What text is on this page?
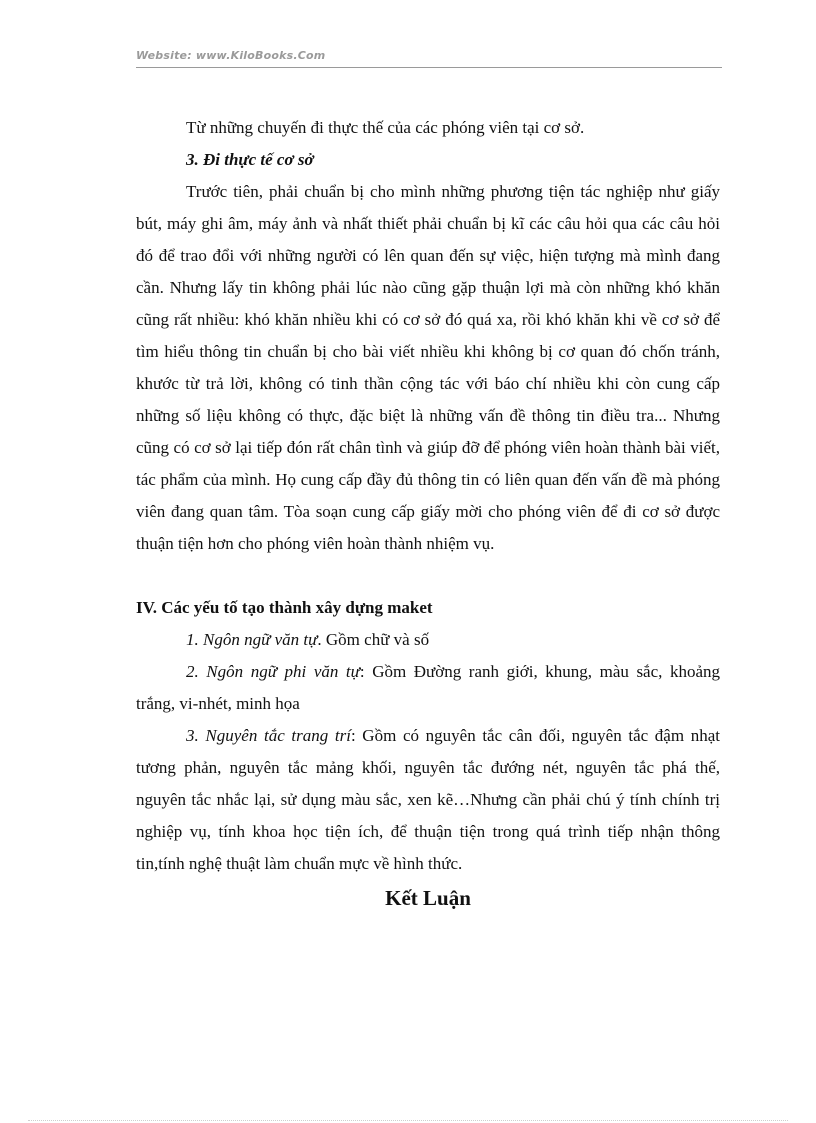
Website: www.KiloBooks.Com

Từ những chuyến đi thực thế của các phóng viên tại cơ sở.

3. Đi thực tế cơ sở

Trước tiên, phải chuẩn bị cho mình những phương tiện tác nghiệp như giấy bút, máy ghi âm, máy ảnh và nhất thiết phải chuẩn bị kĩ các câu hỏi qua các câu hỏi đó để trao đổi với những người có lên quan đến sự việc, hiện tượng mà mình đang cần. Nhưng lấy tin không phải lúc nào cũng gặp thuận lợi mà còn những khó khăn cũng rất nhiều: khó khăn nhiều khi có cơ sở đó quá xa, rồi khó khăn khi về cơ sở để tìm hiểu thông tin chuẩn bị cho bài viết nhiều khi không bị cơ quan đó chốn tránh, khước từ trả lời, không có tinh thần cộng tác với báo chí nhiều khi còn cung cấp những số liệu không có thực, đặc biệt là những vấn đề thông tin điều tra... Nhưng cũng có cơ sở lại tiếp đón rất chân tình và giúp đỡ để phóng viên hoàn thành bài viết, tác phẩm của mình. Họ cung cấp đầy đủ thông tin có liên quan đến vấn đề mà phóng viên đang quan tâm. Tòa soạn cung cấp giấy mời cho phóng viên để đi cơ sở được thuận tiện hơn cho phóng viên hoàn thành nhiệm vụ.

IV. Các yếu tố tạo thành xây dựng maket

1. Ngôn ngữ văn tự. Gồm chữ và số

2. Ngôn ngữ phi văn tự: Gồm Đường ranh giới, khung, màu sắc, khoảng trắng, vi-nhét, minh họa

3. Nguyên tắc trang trí: Gồm có nguyên tắc cân đối, nguyên tắc đậm nhạt tương phản, nguyên tắc mảng khối, nguyên tắc đướng nét, nguyên tắc phá thế, nguyên tắc nhắc lại, sử dụng màu sắc, xen kẽ…Nhưng cần phải chú ý tính chính trị nghiệp vụ, tính khoa học tiện ích, để thuận tiện trong quá trình tiếp nhận thông tin,tính nghệ thuật làm chuẩn mực về hình thức.

Kết Luận
